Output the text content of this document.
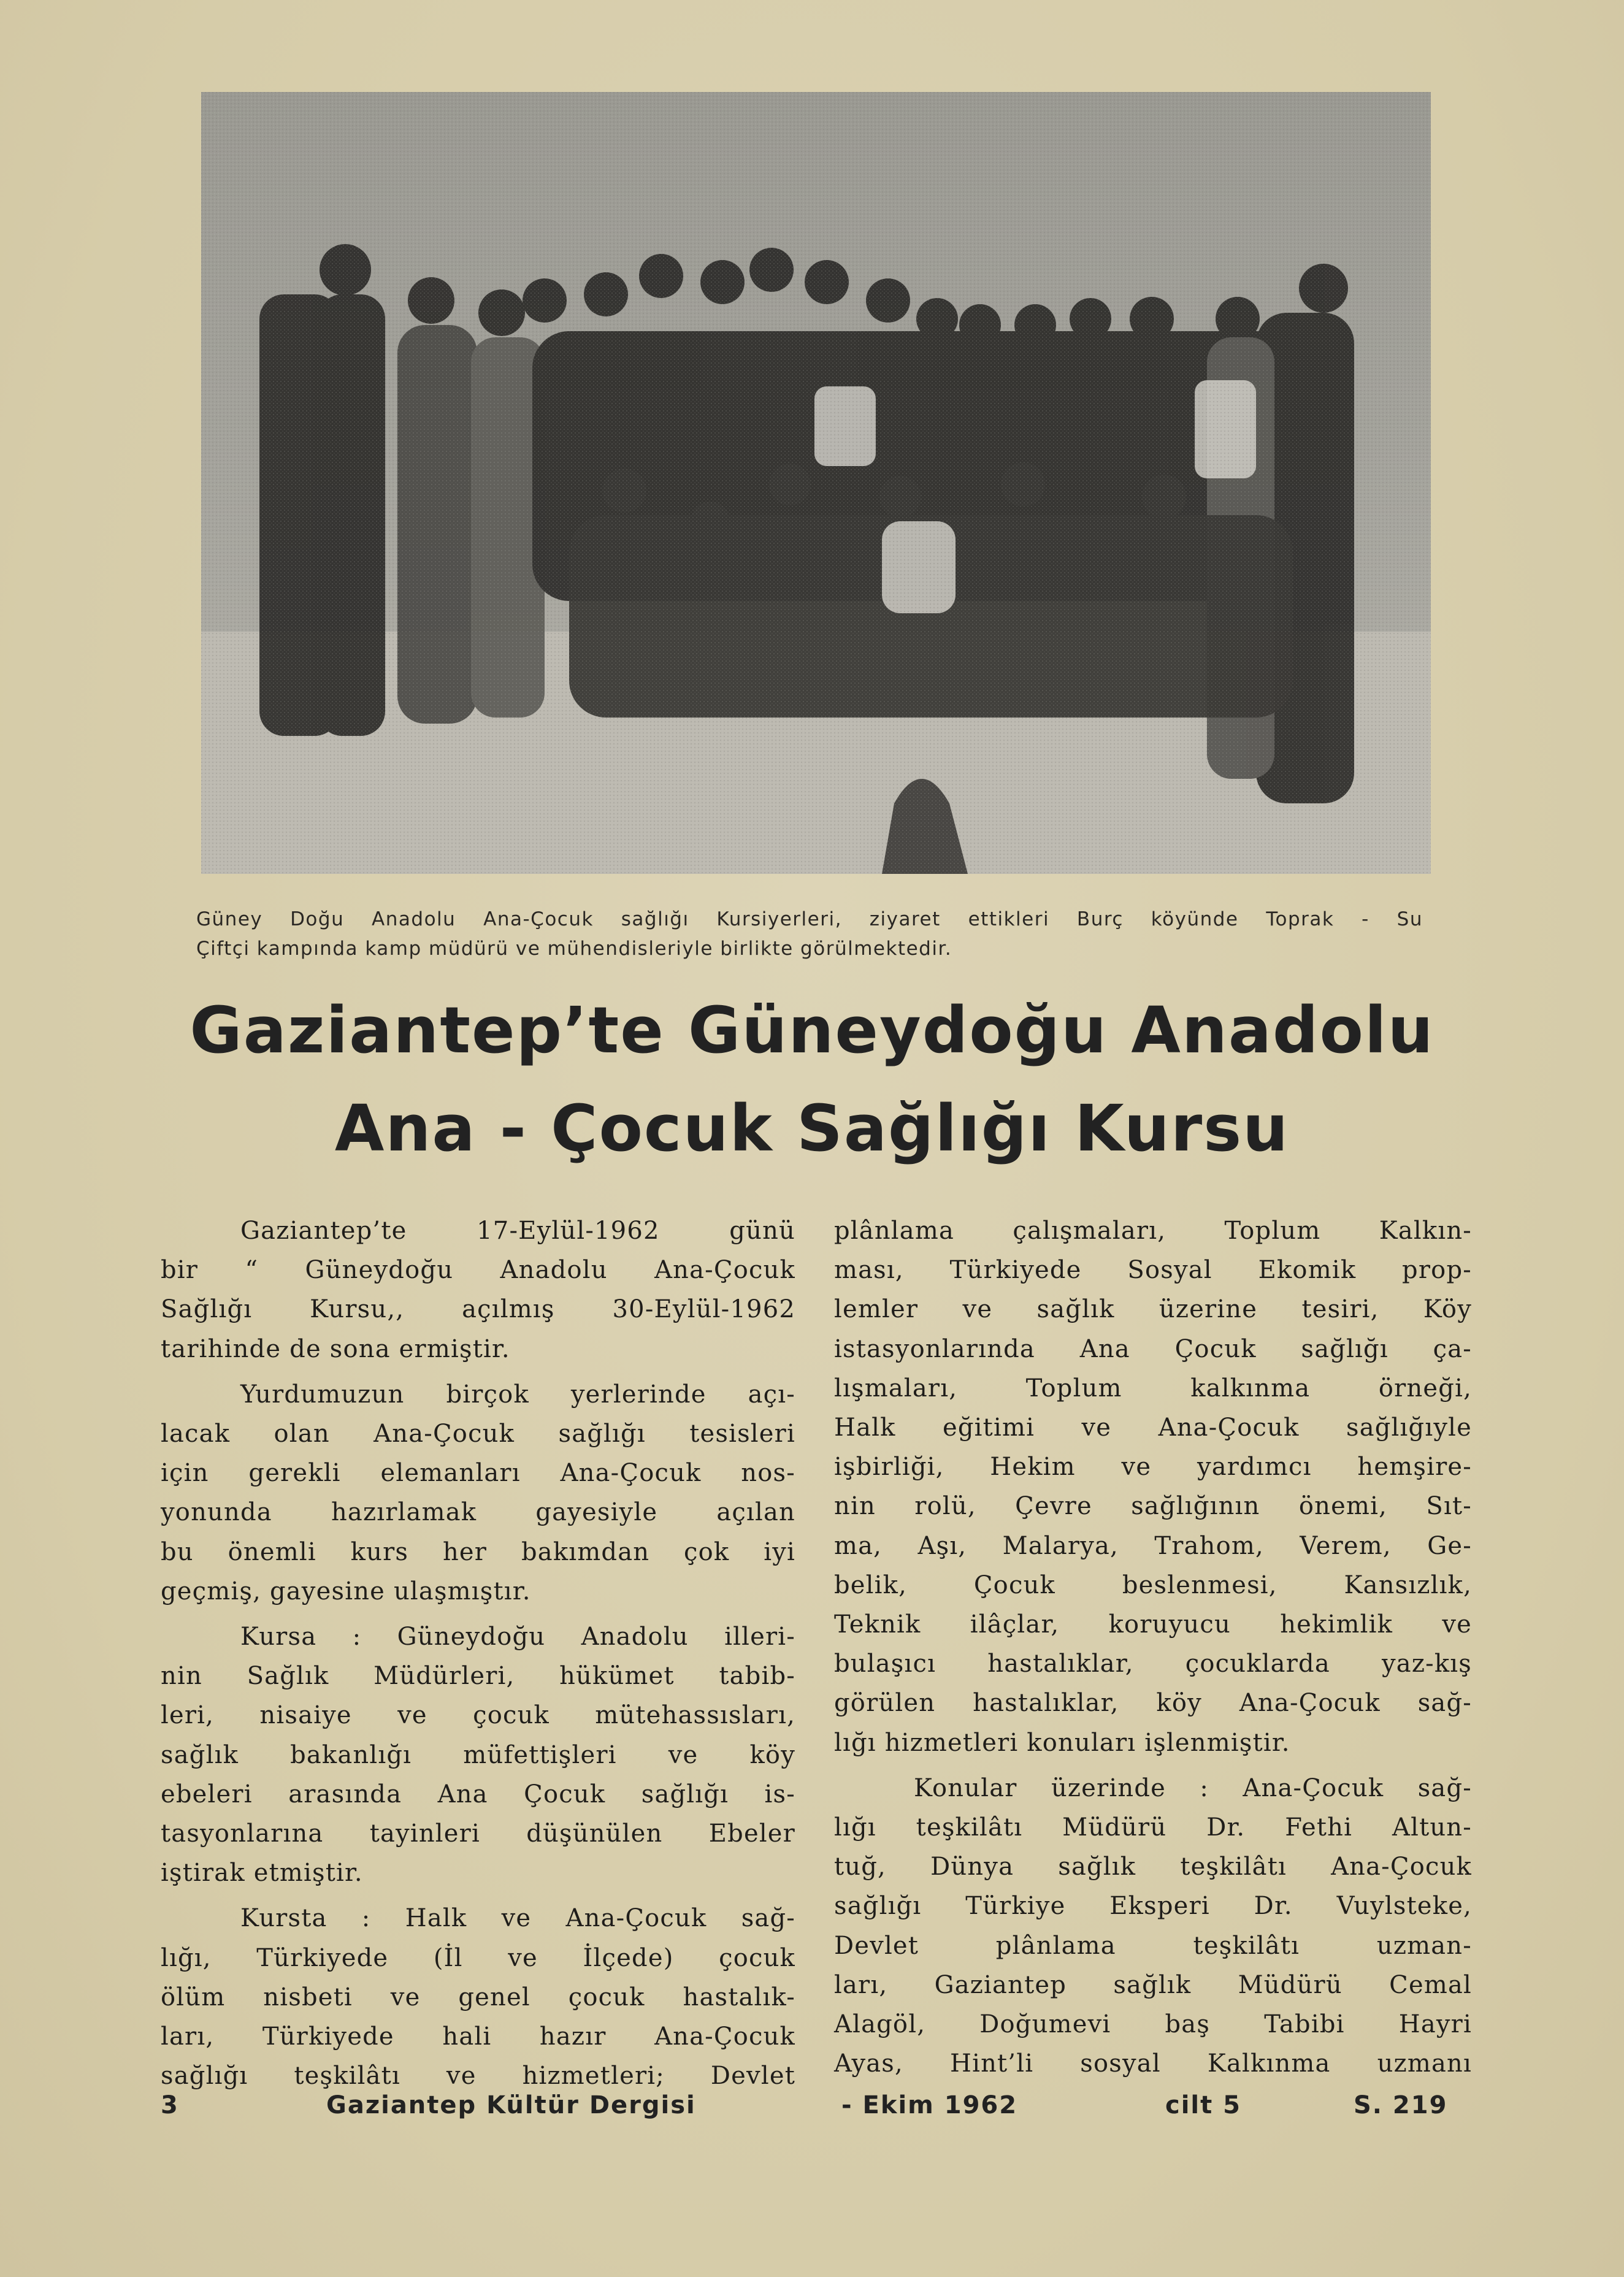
Güney Doğu Anadolu Ana-Çocuk sağlığı Kursiyerleri, ziyaret ettikleri Burç köyünde Toprak - Su
Çiftçi kampında kamp müdürü ve mühendisleriyle birlikte görülmektedir.
Gaziantep’te Güneydoğu Anadolu
Ana - Çocuk Sağlığı Kursu
Gaziantep’te 17-Eylül-1962 günü
bir “ Güneydoğu Anadolu Ana-Çocuk
Sağlığı Kursu,, açılmış 30-Eylül-1962
tarihinde de sona ermiştir.
Yurdumuzun birçok yerlerinde açı-
lacak olan Ana-Çocuk sağlığı tesisleri
için gerekli elemanları Ana-Çocuk nos-
yonunda hazırlamak gayesiyle açılan
bu önemli kurs her bakımdan çok iyi
geçmiş, gayesine ulaşmıştır.
Kursa : Güneydoğu Anadolu illeri-
nin Sağlık Müdürleri, hükümet tabib-
leri, nisaiye ve çocuk mütehassısları,
sağlık bakanlığı müfettişleri ve köy
ebeleri arasında Ana Çocuk sağlığı is-
tasyonlarına tayinleri düşünülen Ebeler
iştirak etmiştir.
Kursta : Halk ve Ana-Çocuk sağ-
lığı, Türkiyede (İl ve İlçede) çocuk
ölüm nisbeti ve genel çocuk hastalık-
ları, Türkiyede hali hazır Ana-Çocuk
sağlığı teşkilâtı ve hizmetleri; Devlet
plânlama çalışmaları, Toplum Kalkın-
ması, Türkiyede Sosyal Ekomik prop-
lemler ve sağlık üzerine tesiri, Köy
istasyonlarında Ana Çocuk sağlığı ça-
lışmaları, Toplum kalkınma örneği,
Halk eğitimi ve Ana-Çocuk sağlığıyle
işbirliği, Hekim ve yardımcı hemşire-
nin rolü, Çevre sağlığının önemi, Sıt-
ma, Aşı, Malarya, Trahom, Verem, Ge-
belik, Çocuk beslenmesi, Kansızlık,
Teknik ilâçlar, koruyucu hekimlik ve
bulaşıcı hastalıklar, çocuklarda yaz-kış
görülen hastalıklar, köy Ana-Çocuk sağ-
lığı hizmetleri konuları işlenmiştir.
Konular üzerinde : Ana-Çocuk sağ-
lığı teşkilâtı Müdürü Dr. Fethi Altun-
tuğ, Dünya sağlık teşkilâtı Ana-Çocuk
sağlığı Türkiye Eksperi Dr. Vuylsteke,
Devlet plânlama teşkilâtı uzman-
ları, Gaziantep sağlık Müdürü Cemal
Alagöl, Doğumevi baş Tabibi Hayri
Ayas, Hint’li sosyal Kalkınma uzmanı
3	Gaziantep Kültür Dergisi	- Ekim 1962	cilt 5	S. 219
